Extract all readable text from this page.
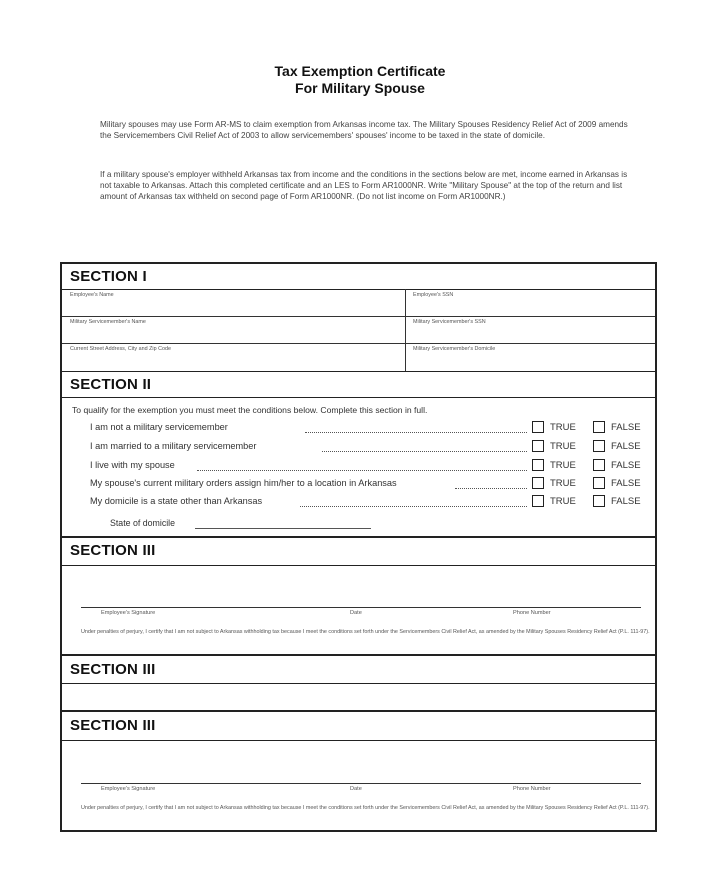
Tax Exemption Certificate
For Military Spouse
Military spouses may use Form AR-MS to claim exemption from Arkansas income tax. The Military Spouses Residency Relief Act of 2009 amends the Servicemembers Civil Relief Act of 2003 to allow servicemembers' spouses' income to be taxed in the state of domicile.
If a military spouse's employer withheld Arkansas tax from income and the conditions in the sections below are met, income earned in Arkansas is not taxable to Arkansas. Attach this completed certificate and an LES to Form AR1000NR. Write "Military Spouse" at the top of the return and list amount of Arkansas tax withheld on second page of Form AR1000NR. (Do not list income on Form AR1000NR.)
SECTION I
Employee's Name	Employee's SSN
Military Servicemember's Name	Military Servicemember's SSN
Current Street Address, City and Zip Code	Military Servicemember's Domicile
SECTION II
To qualify for the exemption you must meet the conditions below. Complete this section in full.
I am not a military servicemember	TRUE	FALSE
I am married to a military servicemember	TRUE	FALSE
I live with my spouse	TRUE	FALSE
My spouse's current military orders assign him/her to a location in Arkansas	TRUE	FALSE
My domicile is a state other than Arkansas	TRUE	FALSE
State of domicile
SECTION III
Employee's Signature	Date	Phone Number
Under penalties of perjury, I certify that I am not subject to Arkansas withholding tax because I meet the conditions set forth under the Servicemembers Civil Relief Act, as amended by the Military Spouses Residency Relief Act (P.L. 111-97).
SECTION III
SECTION III
Employee's Signature	Date	Phone Number
Under penalties of perjury, I certify that I am not subject to Arkansas withholding tax because I meet the conditions set forth under the Servicemembers Civil Relief Act, as amended by the Military Spouses Residency Relief Act (P.L. 111-97).
